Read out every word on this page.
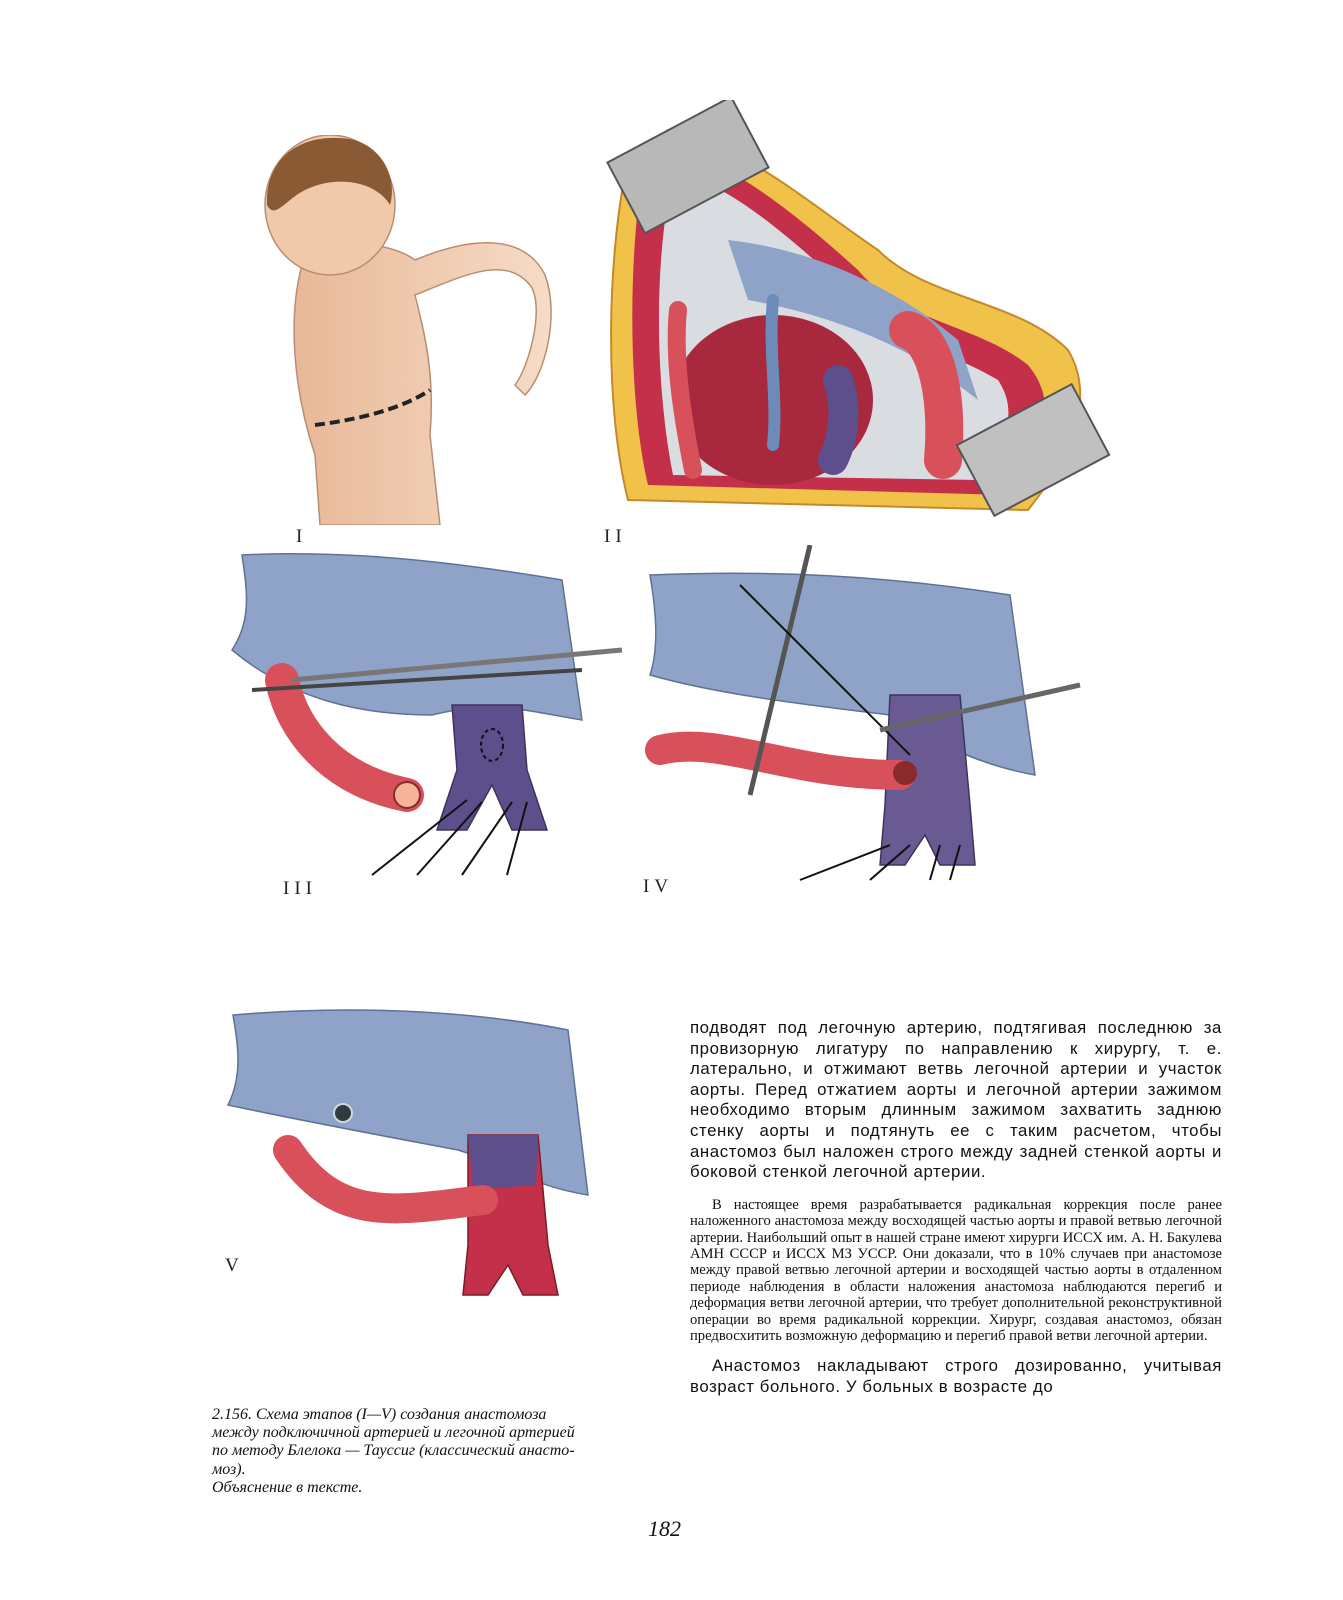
I	II
III	IV
V

подводят под легочную артерию, подтягивая последнюю за провизорную лигатуру по направлению к хирургу, т. е. латерально, и отжимают ветвь легочной артерии и участок аорты. Перед отжатием аорты и легочной артерии зажимом необходимо вторым длинным зажимом захватить заднюю стенку аорты и подтянуть ее с таким расчетом, чтобы анастомоз был наложен строго между задней стенкой аорты и боковой стенкой легочной артерии.

В настоящее время разрабатывается радикальная коррекция после ранее наложенного анастомоза между восходящей частью аорты и правой ветвью легочной артерии. Наибольший опыт в нашей стране имеют хирурги ИССХ им. А. Н. Бакулева АМН СССР и ИССХ МЗ УССР. Они доказали, что в 10% случаев при анастомозе между правой ветвью легочной артерии и восходящей частью аорты в отдаленном периоде наблюдения в области наложения анастомоза наблюдаются перегиб и деформация ветви легочной артерии, что требует дополнительной реконструктивной операции во время радикальной коррекции. Хирург, создавая анастомоз, обязан предвосхитить возможную деформацию и перегиб правой ветви легочной артерии.

Анастомоз накладывают строго дозированно, учитывая возраст больного. У больных в возрасте до

2.156. Схема этапов (I—V) создания анастомоза
между подключичной артерией и легочной артерией
по методу Блелока — Тауссиг (классический анасто-
моз).
Объяснение в тексте.
182
